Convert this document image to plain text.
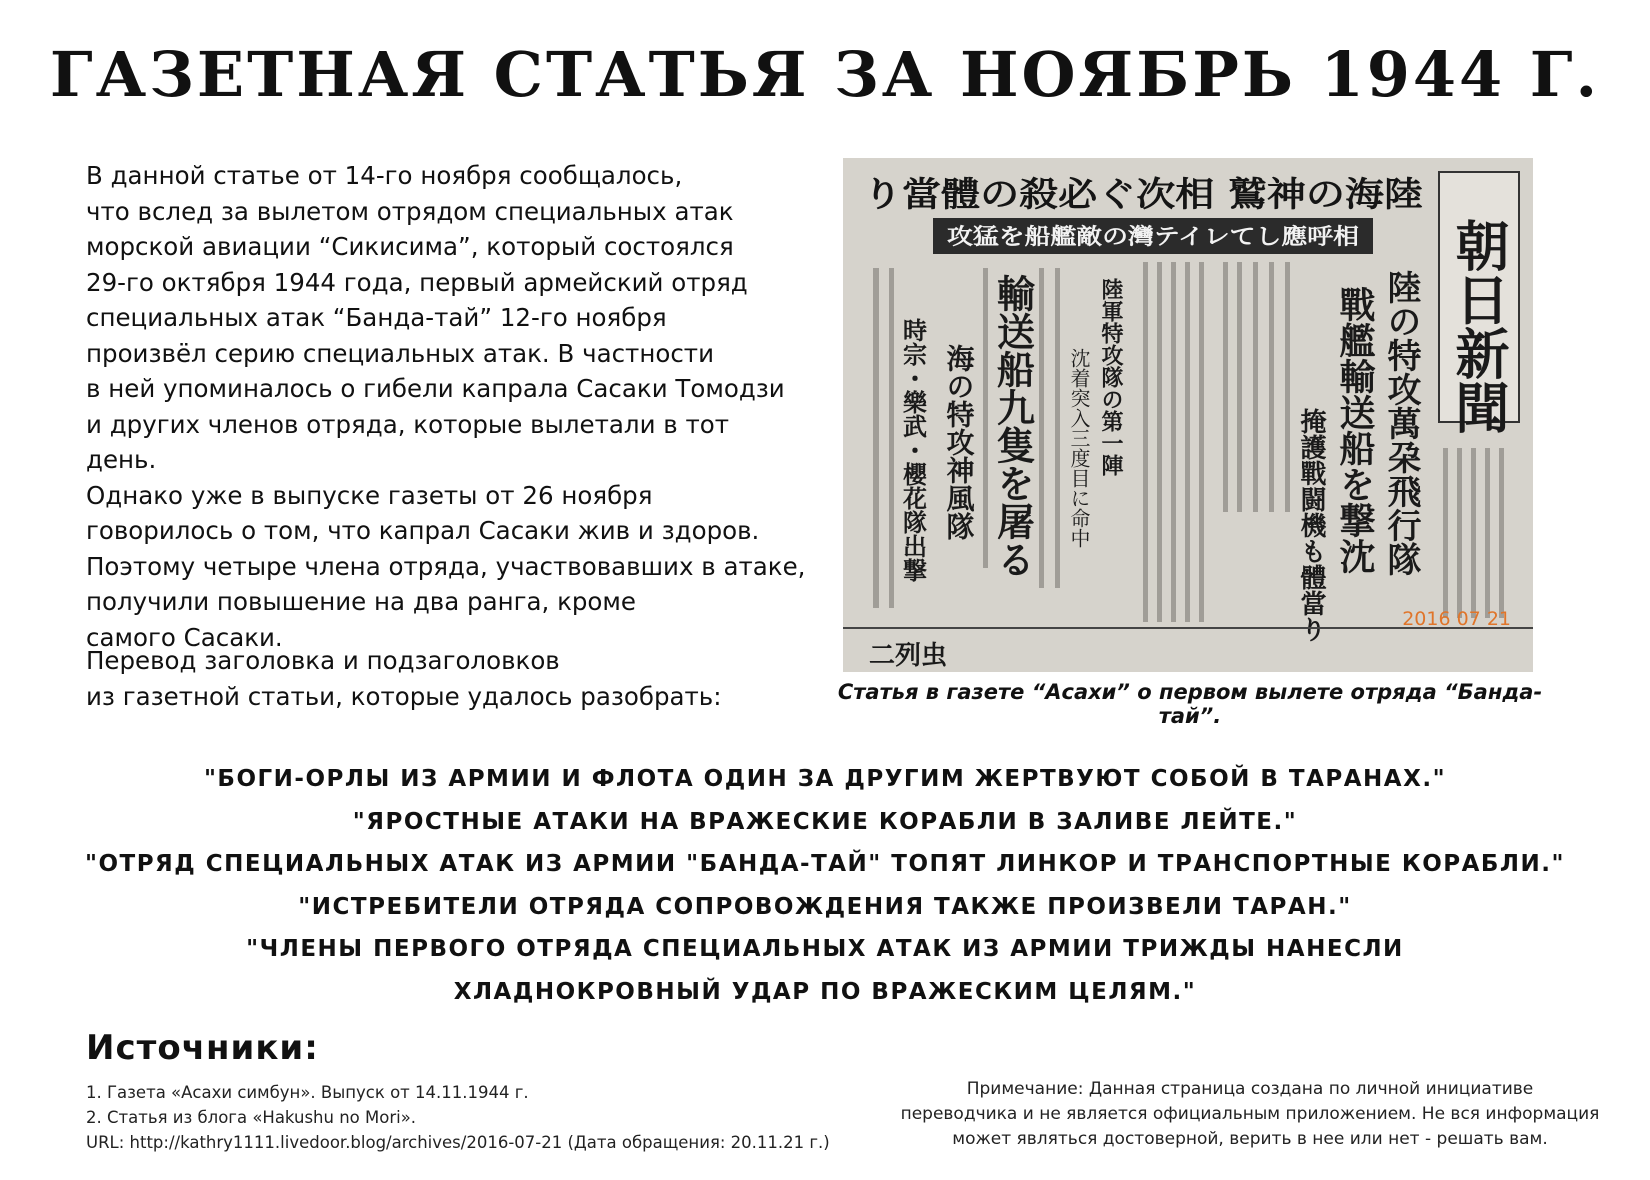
ГАЗЕТНАЯ СТАТЬЯ ЗА НОЯБРЬ 1944 Г.

В данной статье от 14-го ноября сообщалось,

что вслед за вылетом отрядом специальных атак

морской авиации “Сикисима”, который состоялся

29-го октября 1944 года, первый армейский отряд

специальных атак “Банда-тай” 12-го ноября

произвёл серию специальных атак. В частности

в ней упоминалось о гибели капрала Сасаки Томодзи

и других членов отряда, которые вылетали в тот день.

Однако уже в выпуске газеты от 26 ноября

говорилось о том, что капрал Сасаки жив и здоров.

Поэтому четыре члена отряда, участвовавших в атаке,

получили повышение на два ранга, кроме

самого Сасаки.

Перевод заголовка и подзаголовков

из газетной статьи, которые удалось разобрать:

朝日新聞
り當體の殺必ぐ次相 鷲神の海陸
攻猛を船艦敵の灣テイレてし應呼相
陸の特攻萬朶飛行隊
戰艦輸送船を撃沈
掩護戰闘機も體當り
陸軍特攻隊の第一陣
沈着突入三度目に命中
輸送船九隻を屠る
海の特攻神風隊
時宗・樂武・櫻花隊出撃
二列虫
2016 07 21
Статья в газете “Асахи” о первом вылете отряда “Банда-тай”.
"БОГИ-ОРЛЫ ИЗ АРМИИ И ФЛОТА ОДИН ЗА ДРУГИМ ЖЕРТВУЮТ СОБОЙ В ТАРАНАХ."
"ЯРОСТНЫЕ АТАКИ НА ВРАЖЕСКИЕ КОРАБЛИ В ЗАЛИВЕ ЛЕЙТЕ."
"ОТРЯД СПЕЦИАЛЬНЫХ АТАК ИЗ АРМИИ "БАНДА-ТАЙ" ТОПЯТ ЛИНКОР И ТРАНСПОРТНЫЕ КОРАБЛИ."
"ИСТРЕБИТЕЛИ ОТРЯДА СОПРОВОЖДЕНИЯ ТАКЖЕ ПРОИЗВЕЛИ ТАРАН."
"ЧЛЕНЫ ПЕРВОГО ОТРЯДА СПЕЦИАЛЬНЫХ АТАК ИЗ АРМИИ ТРИЖДЫ НАНЕСЛИ
ХЛАДНОКРОВНЫЙ УДАР ПО ВРАЖЕСКИМ ЦЕЛЯМ."
Источники:
1. Газета «Асахи симбун». Выпуск от 14.11.1944 г.
2. Статья из блога «Hakushu no Mori».
URL: http://kathry1111.livedoor.blog/archives/2016-07-21 (Дата обращения: 20.11.21 г.)
Примечание: Данная страница создана по личной инициативе
переводчика и не является официальным приложением. Не вся информация
может являться достоверной, верить в нее или нет - решать вам.
